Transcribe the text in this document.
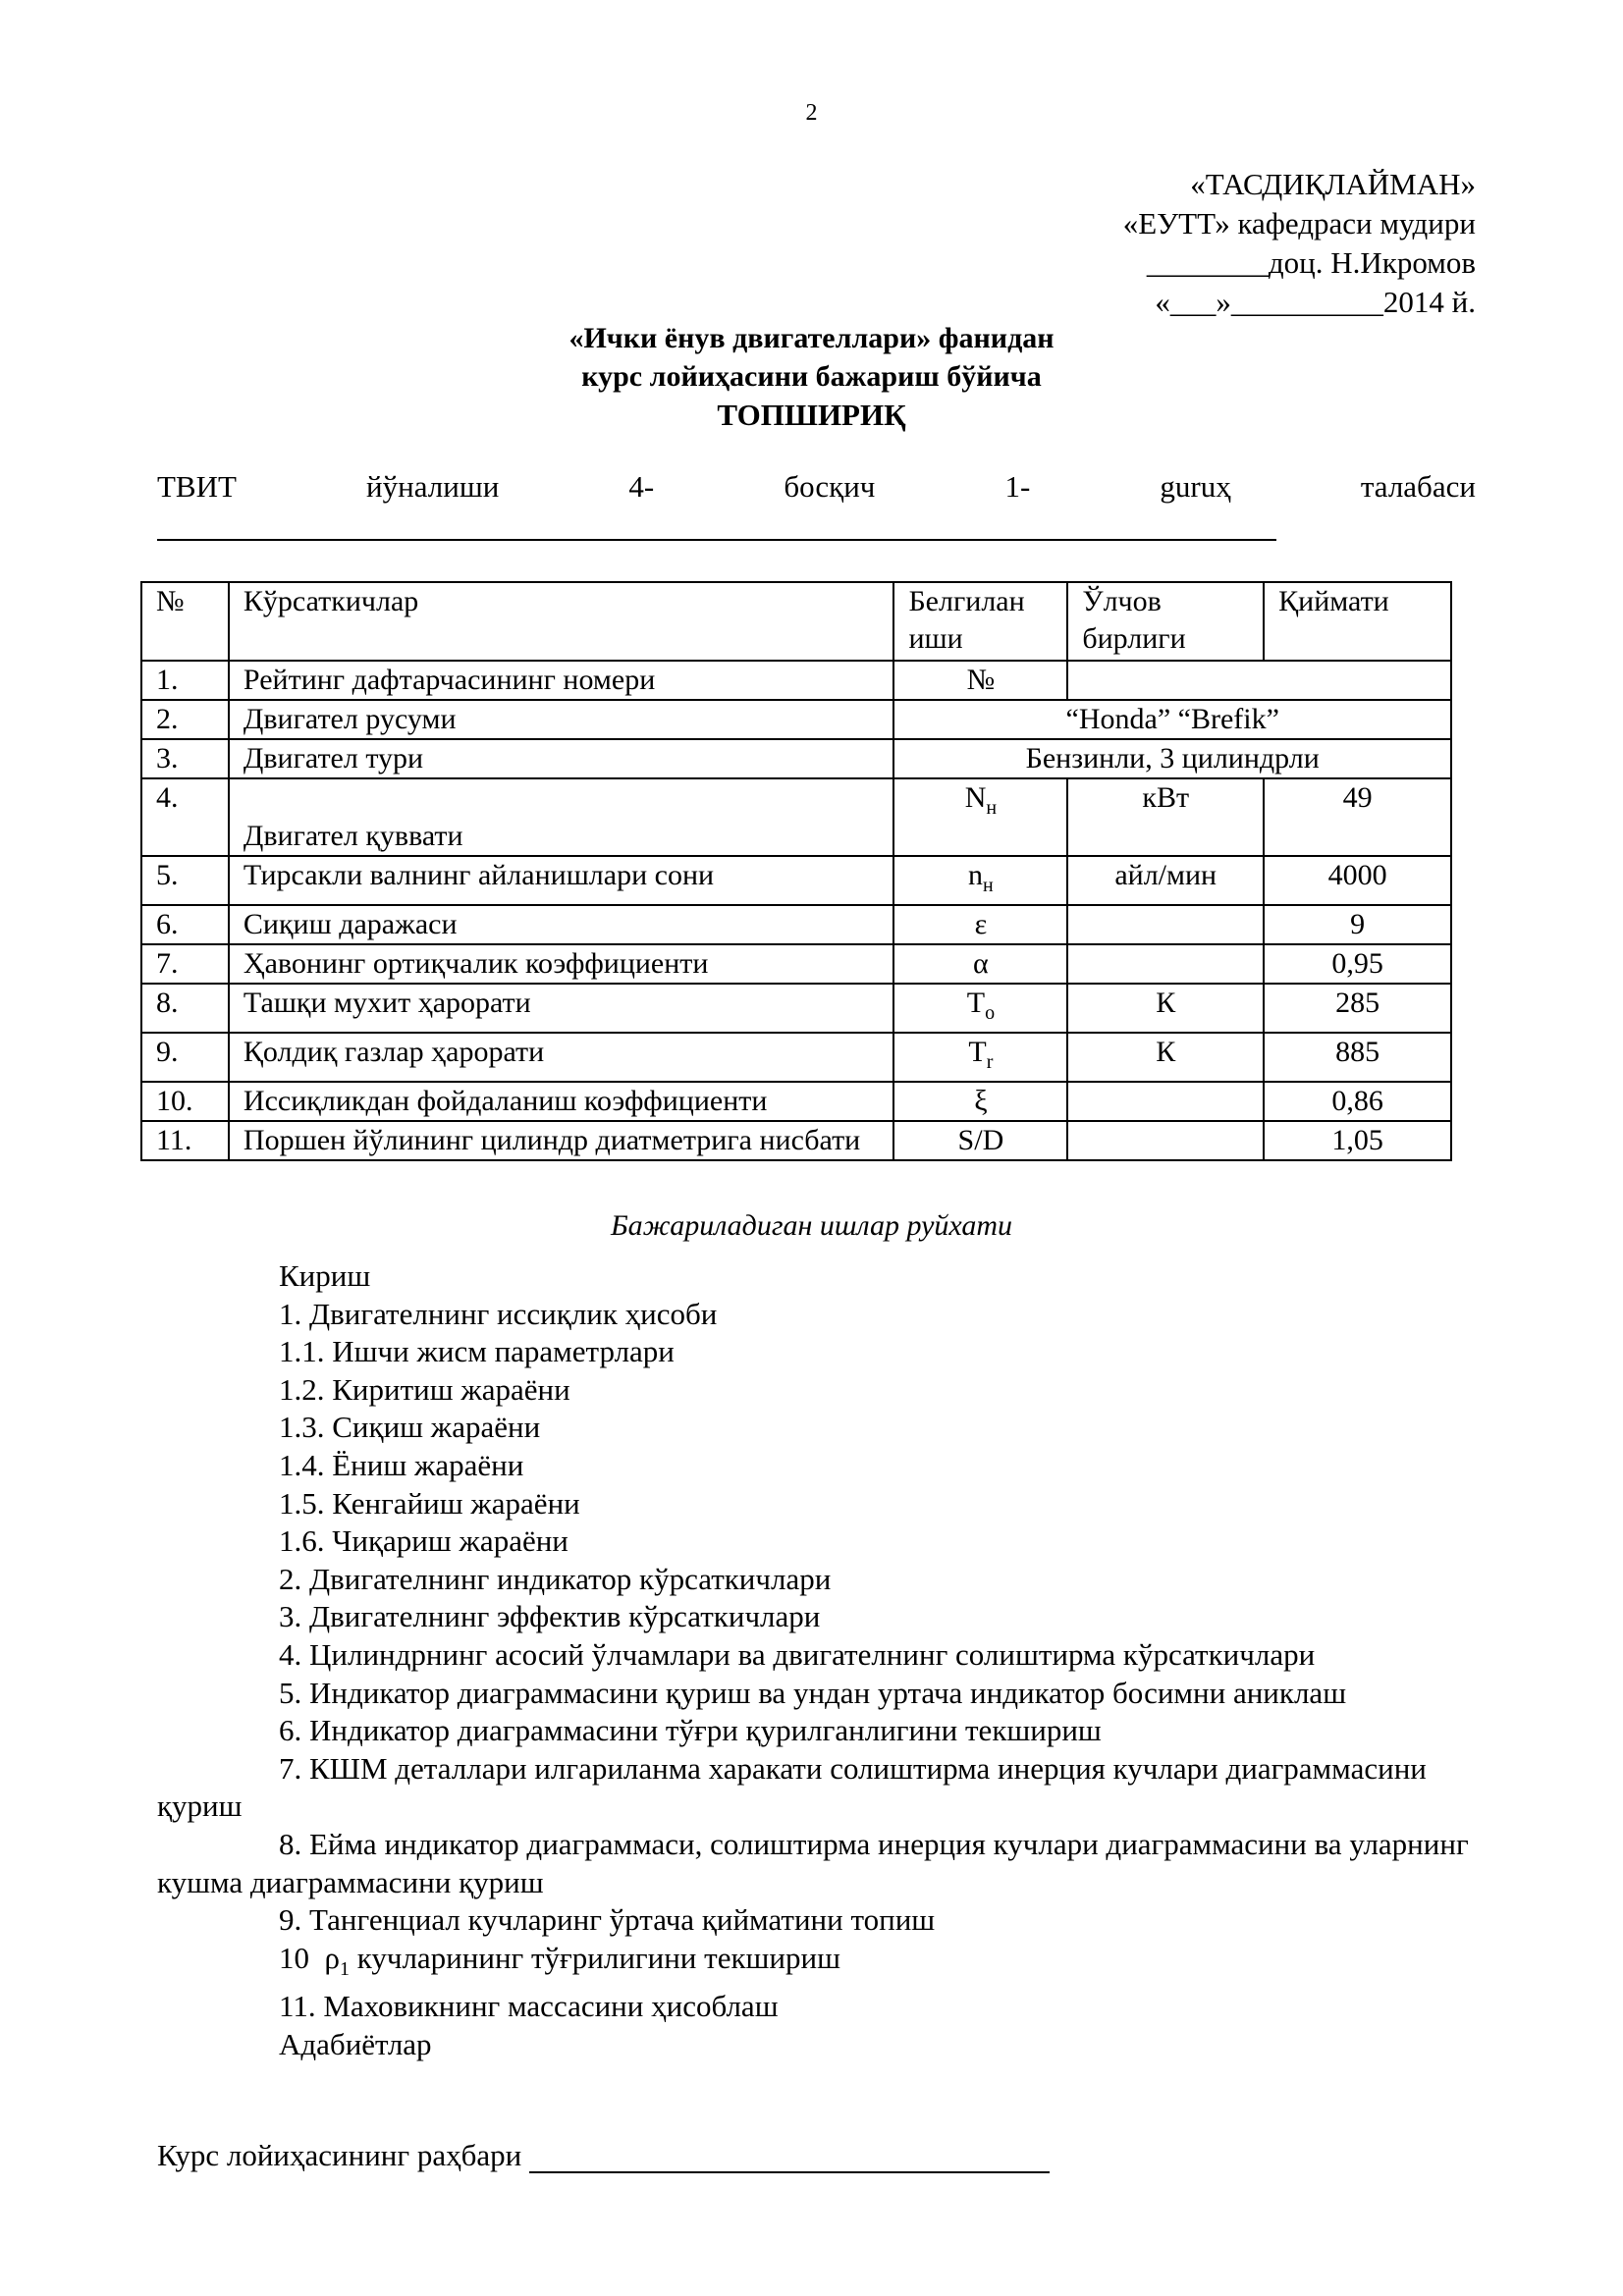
2
«ТАСДИҚЛАЙМАН»
«ЕУТТ» кафедраси мудири
________доц. Н.Икромов
«___»__________2014 й.
«Ички ёнув двигателлари» фанидан
курс лойиҳасини бажариш бўйича
ТОПШИРИҚ
ТВИТ	йўналиши	4-	босқич	1-	guruҳ	талабаси
№	Кўрсаткичлар	Белгилан иши	Ўлчов бирлиги	Қиймати
1.	Рейтинг дафтарчасининг номери	№		
2.	Двигател русуми	“Honda” “Brefik”		
3.	Двигател тури	Бензинли, 3 цилиндрли		
4.	Двигател қуввати	$N_н$	кВт	49
5.	Тирсакли валнинг айланишлари сони	$n_н$	айл/мин	4000
6.	Сиқиш даражаси	ε		9
7.	Ҳавонинг ортиқчалик коэффициенти	α		0,95
8.	Ташқи мухит ҳарорати	$T_о$	К	285
9.	Қолдиқ газлар ҳарорати	$T_r$	К	885
10.	Иссиқликдан фойдаланиш коэффициенти	ξ		0,86
11.	Поршен йўлининг цилиндр диатметрига нисбати	S/D		1,05
Бажариладиган ишлар руйхати
Кириш
1. Двигателнинг иссиқлик ҳисоби
1.1. Ишчи жисм параметрлари
1.2. Киритиш жараёни
1.3. Сиқиш жараёни
1.4. Ёниш жараёни
1.5. Кенгайиш жараёни
1.6. Чиқариш жараёни
2. Двигателнинг индикатор кўрсаткичлари
3. Двигателнинг эффектив кўрсаткичлари
4. Цилиндрнинг асосий ўлчамлари ва двигателнинг солиштирма кўрсаткичлари
5. Индикатор диаграммасини қуриш ва ундан уртача индикатор босимни аниклаш
6. Индикатор диаграммасини тўғри қурилганлигини текшириш
7. КШМ деталлари илгариланма харакати солиштирма инерция кучлари диаграммасини қуриш
8. Ейма индикатор диаграммаси, солиштирма инерция кучлари диаграммасини ва уларнинг кушма диаграммасини қуриш
9. Тангенциал кучларинг ўртача қийматини топиш
10  $\rho_1$ кучларининг тўғрилигини текшириш
11. Маховикнинг массасини ҳисоблаш
Адабиётлар
Курс лойиҳасининг раҳбари
